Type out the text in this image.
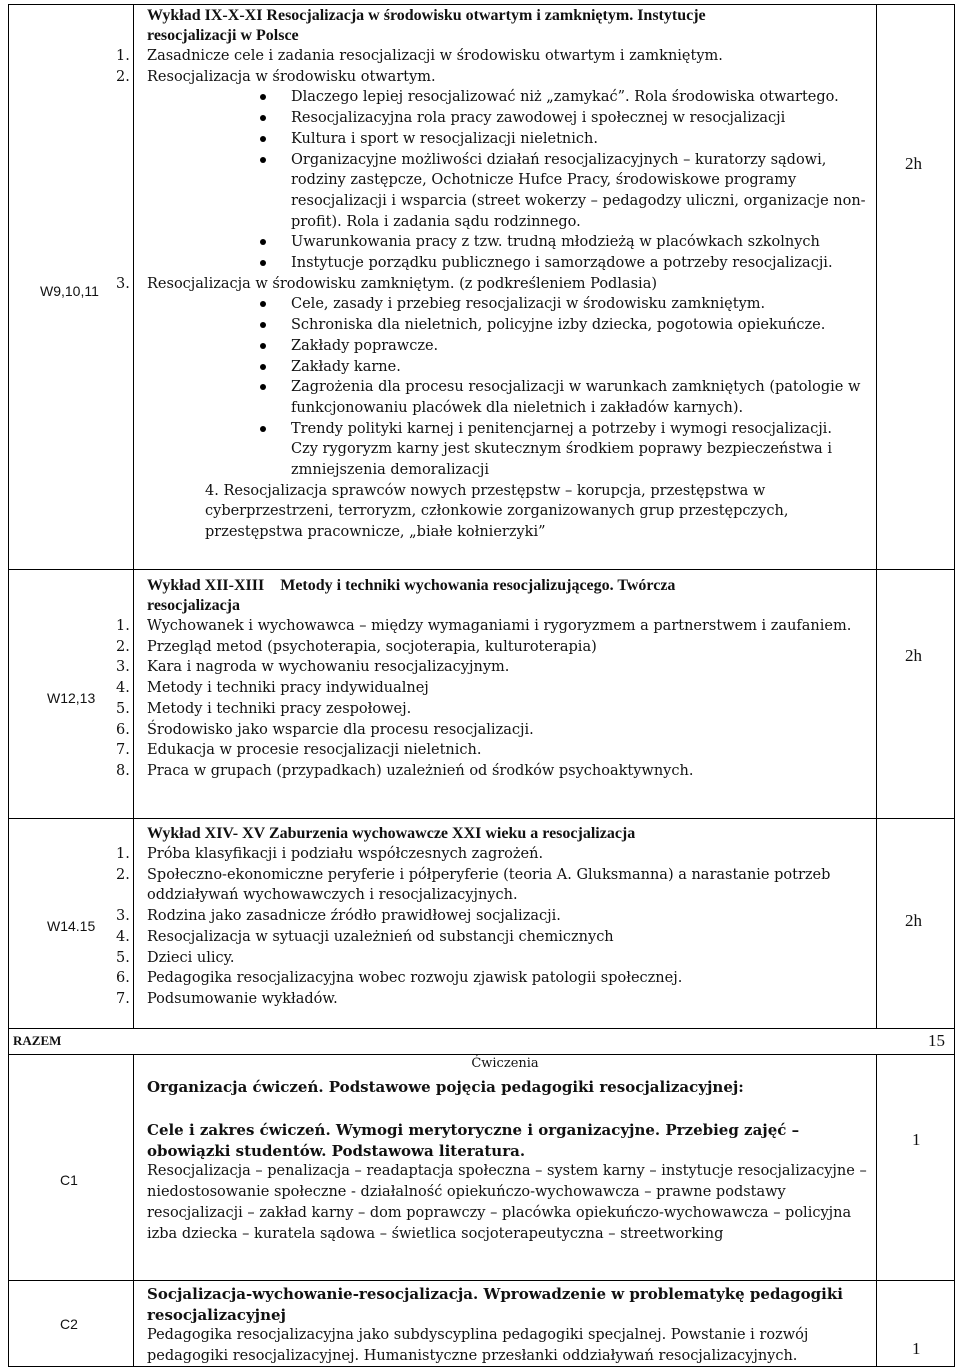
W9,10,11
2h
Wykład IX-X-XI Resocjalizacja w środowisku otwartym i zamkniętym. Instytucje
resocjalizacji w Polsce
1. Zasadnicze cele i zadania resocjalizacji w środowisku otwartym i zamkniętym.
2. Resocjalizacja w środowisku otwartym.
Dlaczego lepiej resocjalizować niż „zamykać”. Rola środowiska otwartego.
Resocjalizacyjna rola pracy zawodowej i społecznej w resocjalizacji
Kultura i sport w resocjalizacji nieletnich.
Organizacyjne możliwości działań resocjalizacyjnych – kuratorzy sądowi, rodziny zastępcze, Ochotnicze Hufce Pracy, środowiskowe programy resocjalizacji i wsparcia (street wokerzy – pedagodzy uliczni, organizacje non-profit). Rola i zadania sądu rodzinnego.
Uwarunkowania pracy z tzw. trudną młodzieżą w placówkach szkolnych
Instytucje porządku publicznego i samorządowe a potrzeby resocjalizacji.
3. Resocjalizacja w środowisku zamkniętym. (z podkreśleniem Podlasia)
Cele, zasady i przebieg resocjalizacji w środowisku zamkniętym.
Schroniska dla nieletnich, policyjne izby dziecka, pogotowia opiekuńcze.
Zakłady poprawcze.
Zakłady karne.
Zagrożenia dla procesu resocjalizacji w warunkach zamkniętych (patologie w funkcjonowaniu placówek dla nieletnich i zakładów karnych).
Trendy polityki karnej i penitencjarnej a potrzeby i wymogi resocjalizacji.
Czy rygoryzm karny jest skutecznym środkiem poprawy bezpieczeństwa i zmniejszenia demoralizacji
4. Resocjalizacja sprawców nowych przestępstw – korupcja, przestępstwa w cyberprzestrzeni, terroryzm, członkowie zorganizowanych grup przestępczych, przestępstwa pracownicze, „białe kołnierzyki”
W12,13
2h
Wykład XII-XIII Metody i techniki wychowania resocjalizującego. Twórcza
resocjalizacja
1. Wychowanek i wychowawca – między wymaganiami i rygoryzmem a partnerstwem i zaufaniem.
2. Przegląd metod (psychoterapia, socjoterapia, kulturoterapia)
3. Kara i nagroda w wychowaniu resocjalizacyjnym.
4. Metody i techniki pracy indywidualnej
5. Metody i techniki pracy zespołowej.
6. Środowisko jako wsparcie dla procesu resocjalizacji.
7. Edukacja w procesie resocjalizacji nieletnich.
8. Praca w grupach (przypadkach) uzależnień od środków psychoaktywnych.
W14.15	2h
Wykład XIV- XV Zaburzenia wychowawcze XXI wieku a resocjalizacja
1. Próba klasyfikacji i podziału współczesnych zagrożeń.
2. Społeczno-ekonomiczne peryferie i półperyferie (teoria A. Gluksmanna) a narastanie potrzeb oddziaływań wychowawczych i resocjalizacyjnych.
3. Rodzina jako zasadnicze źródło prawidłowej socjalizacji.
4. Resocjalizacja w sytuacji uzależnień od substancji chemicznych
5. Dzieci ulicy.
6. Pedagogika resocjalizacyjna wobec rozwoju zjawisk patologii społecznej.
7. Podsumowanie wykładów.
RAZEM	15
Ćwiczenia
Organizacja ćwiczeń. Podstawowe pojęcia pedagogiki resocjalizacyjnej:
C1
1
Cele i zakres ćwiczeń. Wymogi merytoryczne i organizacyjne. Przebieg zajęć – obowiązki studentów. Podstawowa literatura.
Resocjalizacja – penalizacja – readaptacja społeczna – system karny – instytucje resocjalizacyjne – niedostosowanie społeczne - działalność opiekuńczo-wychowawcza – prawne podstawy resocjalizacji – zakład karny – dom poprawczy – placówka opiekuńczo-wychowawcza – policyjna izba dziecka – kuratela sądowa – świetlica socjoterapeutyczna – streetworking
C2
1
Socjalizacja-wychowanie-resocjalizacja. Wprowadzenie w problematykę pedagogiki resocjalizacyjnej
Pedagogika resocjalizacyjna jako subdyscyplina pedagogiki specjalnej. Powstanie i rozwój pedagogiki resocjalizacyjnej. Humanistyczne przesłanki oddziaływań resocjalizacyjnych.
